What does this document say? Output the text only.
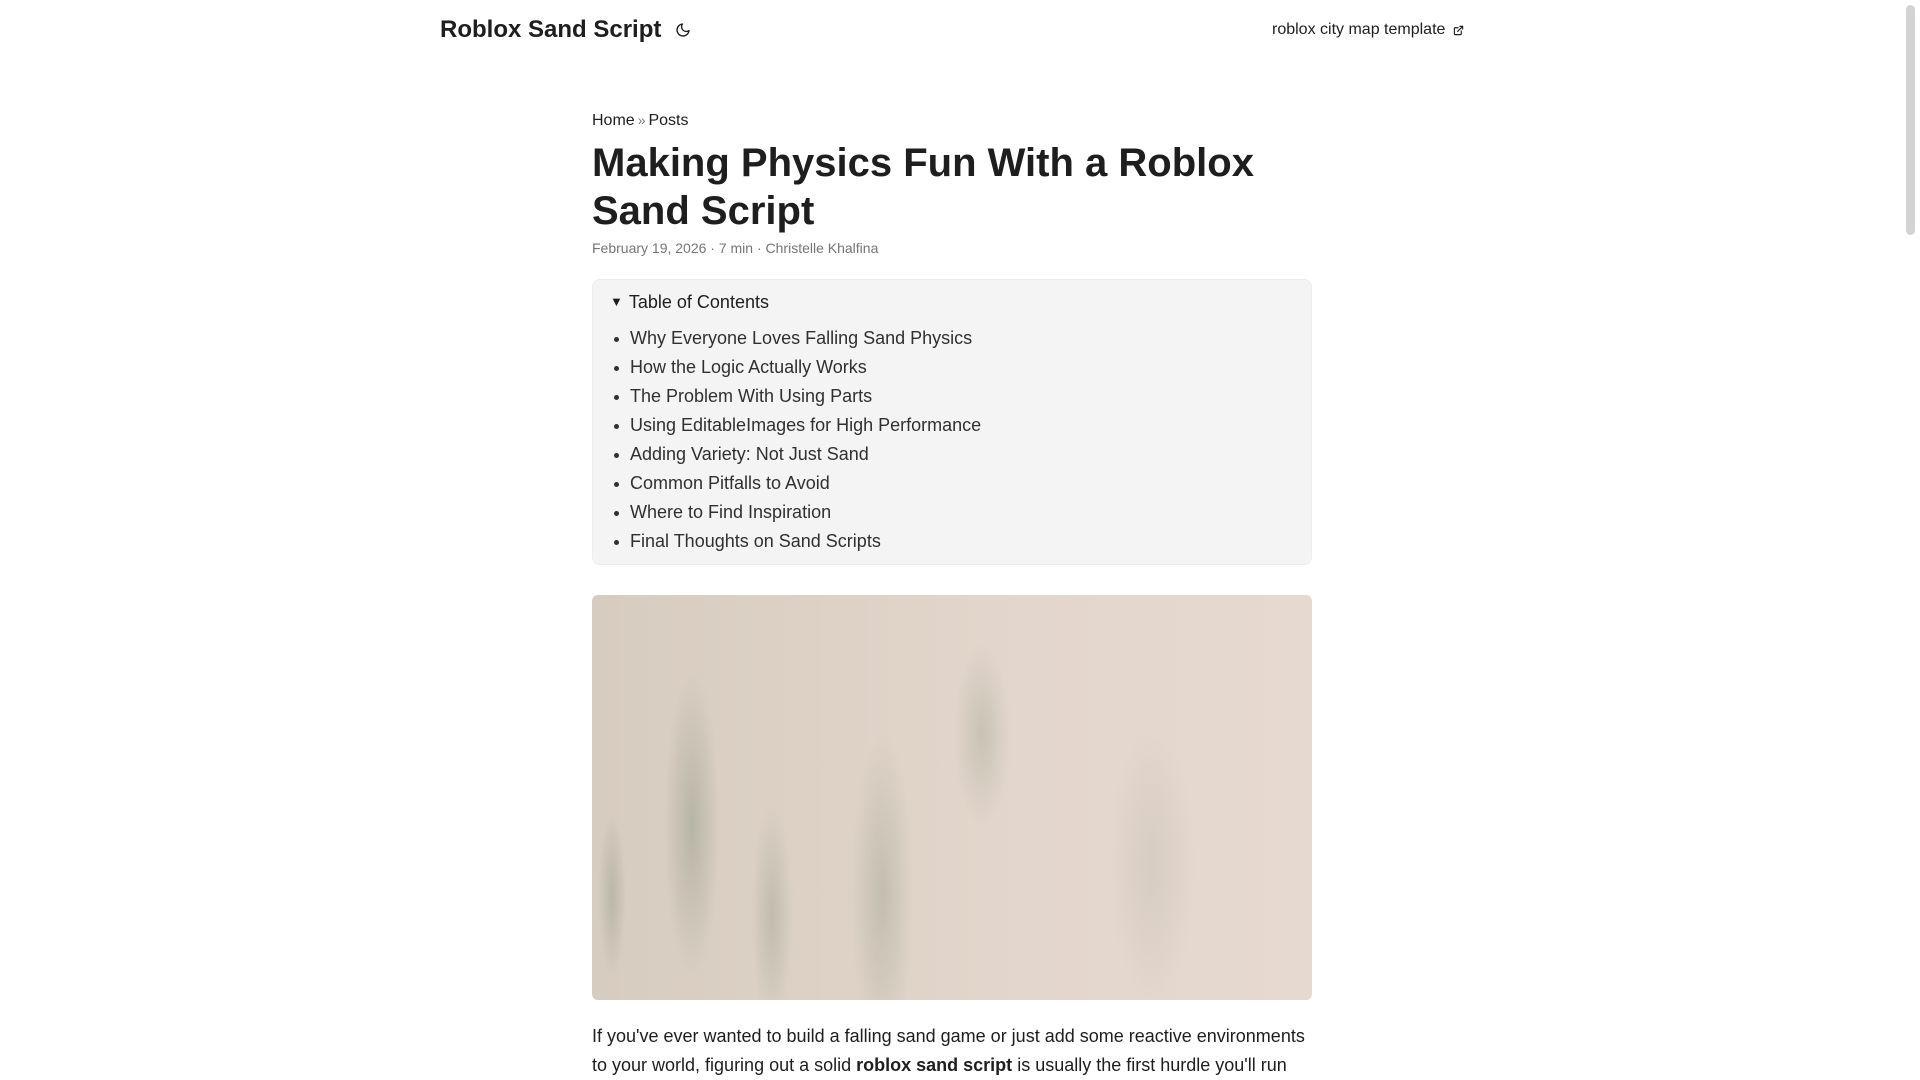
Roblox Sand Script	roblox city map template
Home » Posts
Making Physics Fun With a Roblox Sand Script
February 19, 2026 · 7 min · Christelle Khalfina
▼ Table of Contents
Why Everyone Loves Falling Sand Physics
How the Logic Actually Works
The Problem With Using Parts
Using EditableImages for High Performance
Adding Variety: Not Just Sand
Common Pitfalls to Avoid
Where to Find Inspiration
Final Thoughts on Sand Scripts

If you've ever wanted to build a falling sand game or just add some reactive environments to your world, figuring out a solid roblox sand script is usually the first hurdle you'll run
